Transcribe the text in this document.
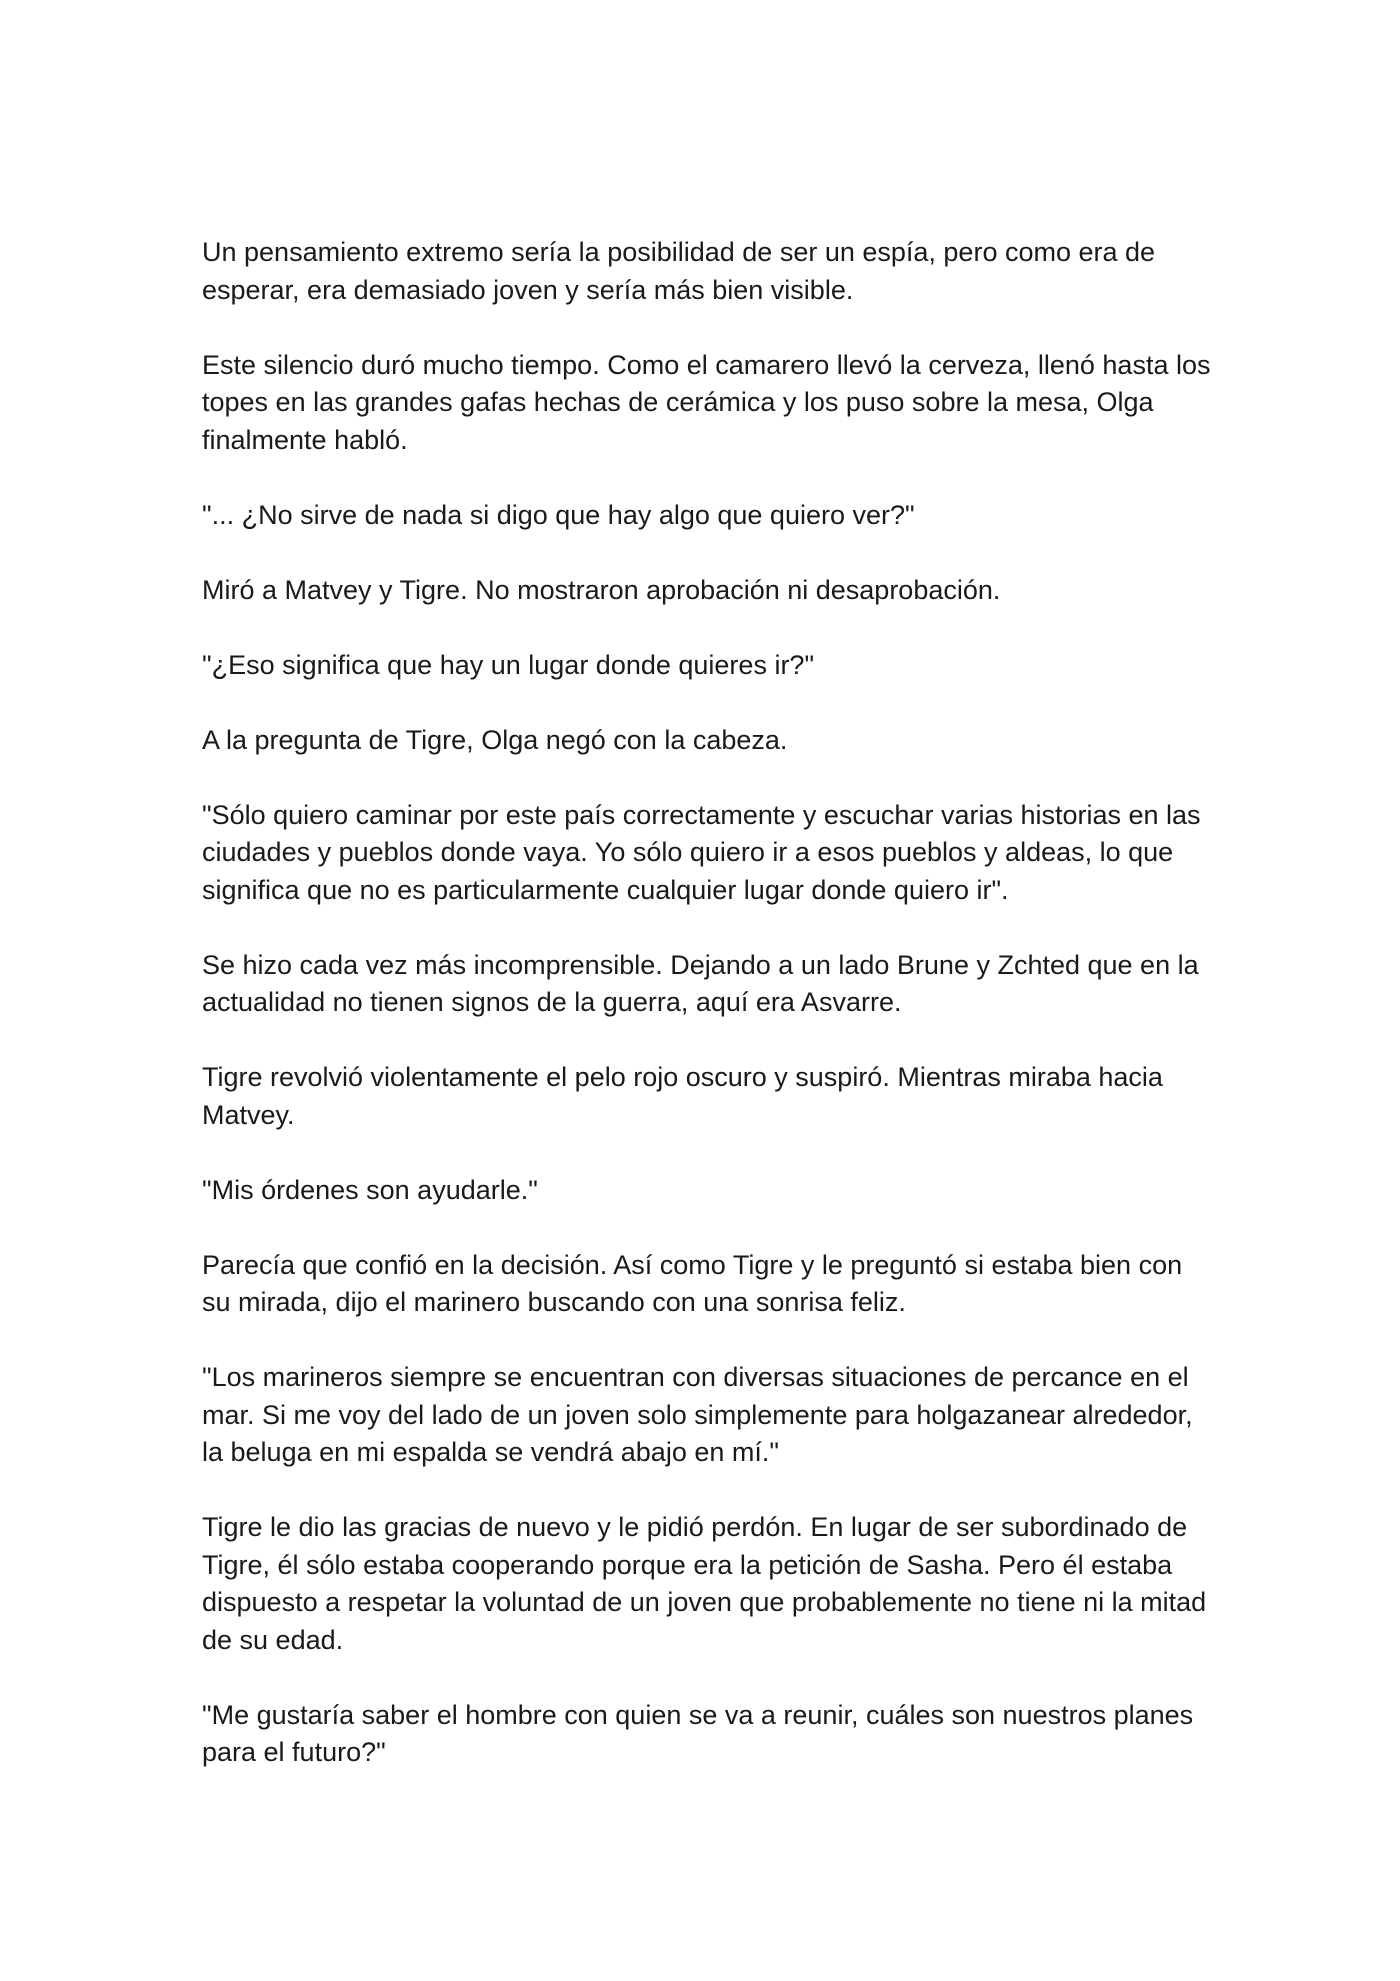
Un pensamiento extremo sería la posibilidad de ser un espía, pero como era de esperar, era demasiado joven y sería más bien visible.

Este silencio duró mucho tiempo. Como el camarero llevó la cerveza, llenó hasta los topes en las grandes gafas hechas de cerámica y los puso sobre la mesa, Olga finalmente habló.

"... ¿No sirve de nada si digo que hay algo que quiero ver?"

Miró a Matvey y Tigre. No mostraron aprobación ni desaprobación.

"¿Eso significa que hay un lugar donde quieres ir?"

A la pregunta de Tigre, Olga negó con la cabeza.

"Sólo quiero caminar por este país correctamente y escuchar varias historias en las ciudades y pueblos donde vaya. Yo sólo quiero ir a esos pueblos y aldeas, lo que significa que no es particularmente cualquier lugar donde quiero ir".

Se hizo cada vez más incomprensible. Dejando a un lado Brune y Zchted que en la actualidad no tienen signos de la guerra, aquí era Asvarre.

Tigre revolvió violentamente el pelo rojo oscuro y suspiró. Mientras miraba hacia Matvey.

"Mis órdenes son ayudarle."

Parecía que confió en la decisión. Así como Tigre y le preguntó si estaba bien con su mirada, dijo el marinero buscando con una sonrisa feliz.

"Los marineros siempre se encuentran con diversas situaciones de percance en el mar. Si me voy del lado de un joven solo simplemente para holgazanear alrededor, la beluga en mi espalda se vendrá abajo en mí."

Tigre le dio las gracias de nuevo y le pidió perdón. En lugar de ser subordinado de Tigre, él sólo estaba cooperando porque era la petición de Sasha. Pero él estaba dispuesto a respetar la voluntad de un joven que probablemente no tiene ni la mitad de su edad.

"Me gustaría saber el hombre con quien se va a reunir, cuáles son nuestros planes para el futuro?"
